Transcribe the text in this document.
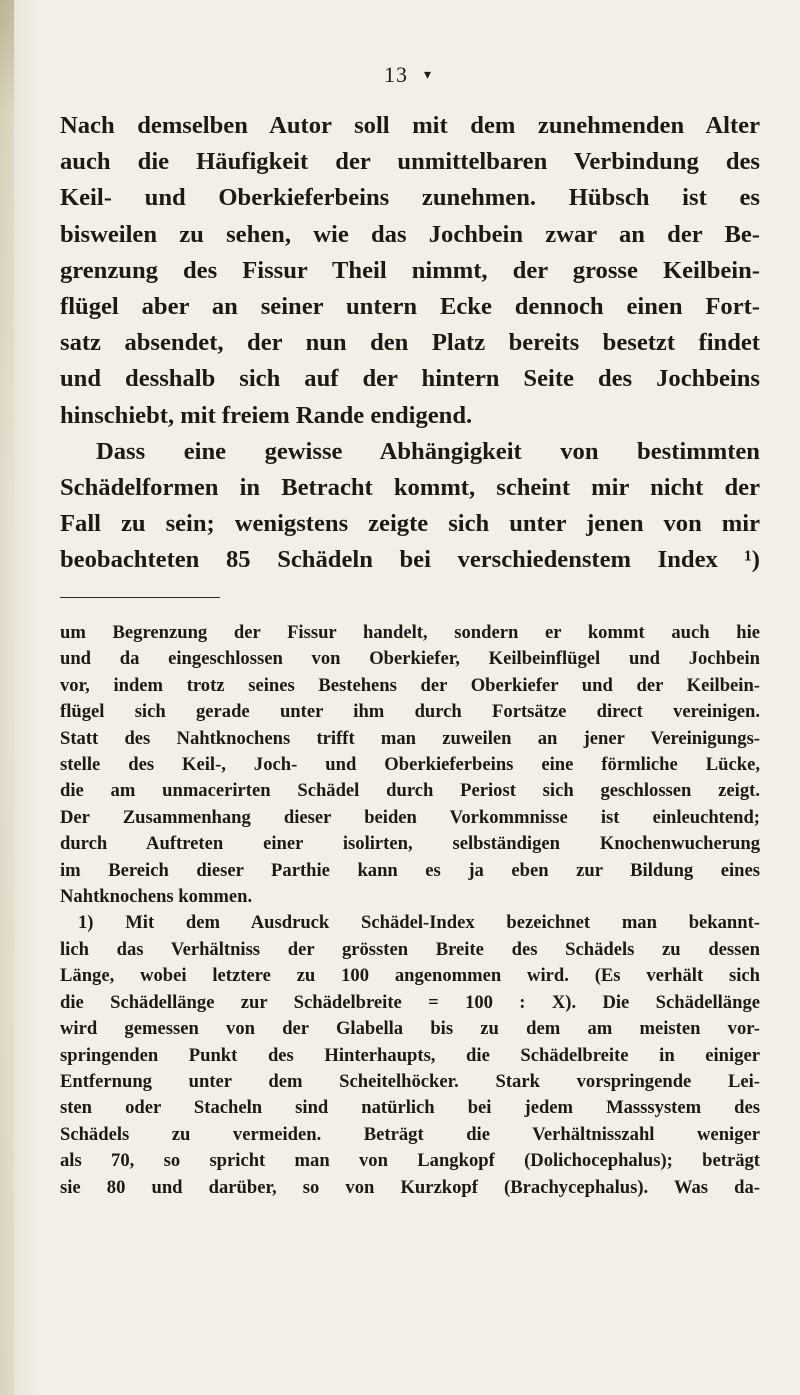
13 ▾
Nach demselben Autor soll mit dem zunehmenden Alter
auch die Häufigkeit der unmittelbaren Verbindung des
Keil- und Oberkieferbeins zunehmen. Hübsch ist es
bisweilen zu sehen, wie das Jochbein zwar an der Be-
grenzung des Fissur Theil nimmt, der grosse Keilbein-
flügel aber an seiner untern Ecke dennoch einen Fort-
satz absendet, der nun den Platz bereits besetzt findet
und desshalb sich auf der hintern Seite des Jochbeins
hinschiebt, mit freiem Rande endigend.
Dass eine gewisse Abhängigkeit von bestimmten
Schädelformen in Betracht kommt, scheint mir nicht der
Fall zu sein; wenigstens zeigte sich unter jenen von mir
beobachteten 85 Schädeln bei verschiedenstem Index ¹)
um Begrenzung der Fissur handelt, sondern er kommt auch hie
und da eingeschlossen von Oberkiefer, Keilbeinflügel und Jochbein
vor, indem trotz seines Bestehens der Oberkiefer und der Keilbein-
flügel sich gerade unter ihm durch Fortsätze direct vereinigen.
Statt des Nahtknochens trifft man zuweilen an jener Vereinigungs-
stelle des Keil-, Joch- und Oberkieferbeins eine förmliche Lücke,
die am unmacerirten Schädel durch Periost sich geschlossen zeigt.
Der Zusammenhang dieser beiden Vorkommnisse ist einleuchtend;
durch Auftreten einer isolirten, selbständigen Knochenwucherung
im Bereich dieser Parthie kann es ja eben zur Bildung eines
Nahtknochens kommen.
1) Mit dem Ausdruck Schädel-Index bezeichnet man bekannt-
lich das Verhältniss der grössten Breite des Schädels zu dessen
Länge, wobei letztere zu 100 angenommen wird. (Es verhält sich
die Schädellänge zur Schädelbreite = 100 : X). Die Schädellänge
wird gemessen von der Glabella bis zu dem am meisten vor-
springenden Punkt des Hinterhaupts, die Schädelbreite in einiger
Entfernung unter dem Scheitelhöcker. Stark vorspringende Lei-
sten oder Stacheln sind natürlich bei jedem Masssystem des
Schädels zu vermeiden. Beträgt die Verhältnisszahl weniger
als 70, so spricht man von Langkopf (Dolichocephalus); beträgt
sie 80 und darüber, so von Kurzkopf (Brachycephalus). Was da-
